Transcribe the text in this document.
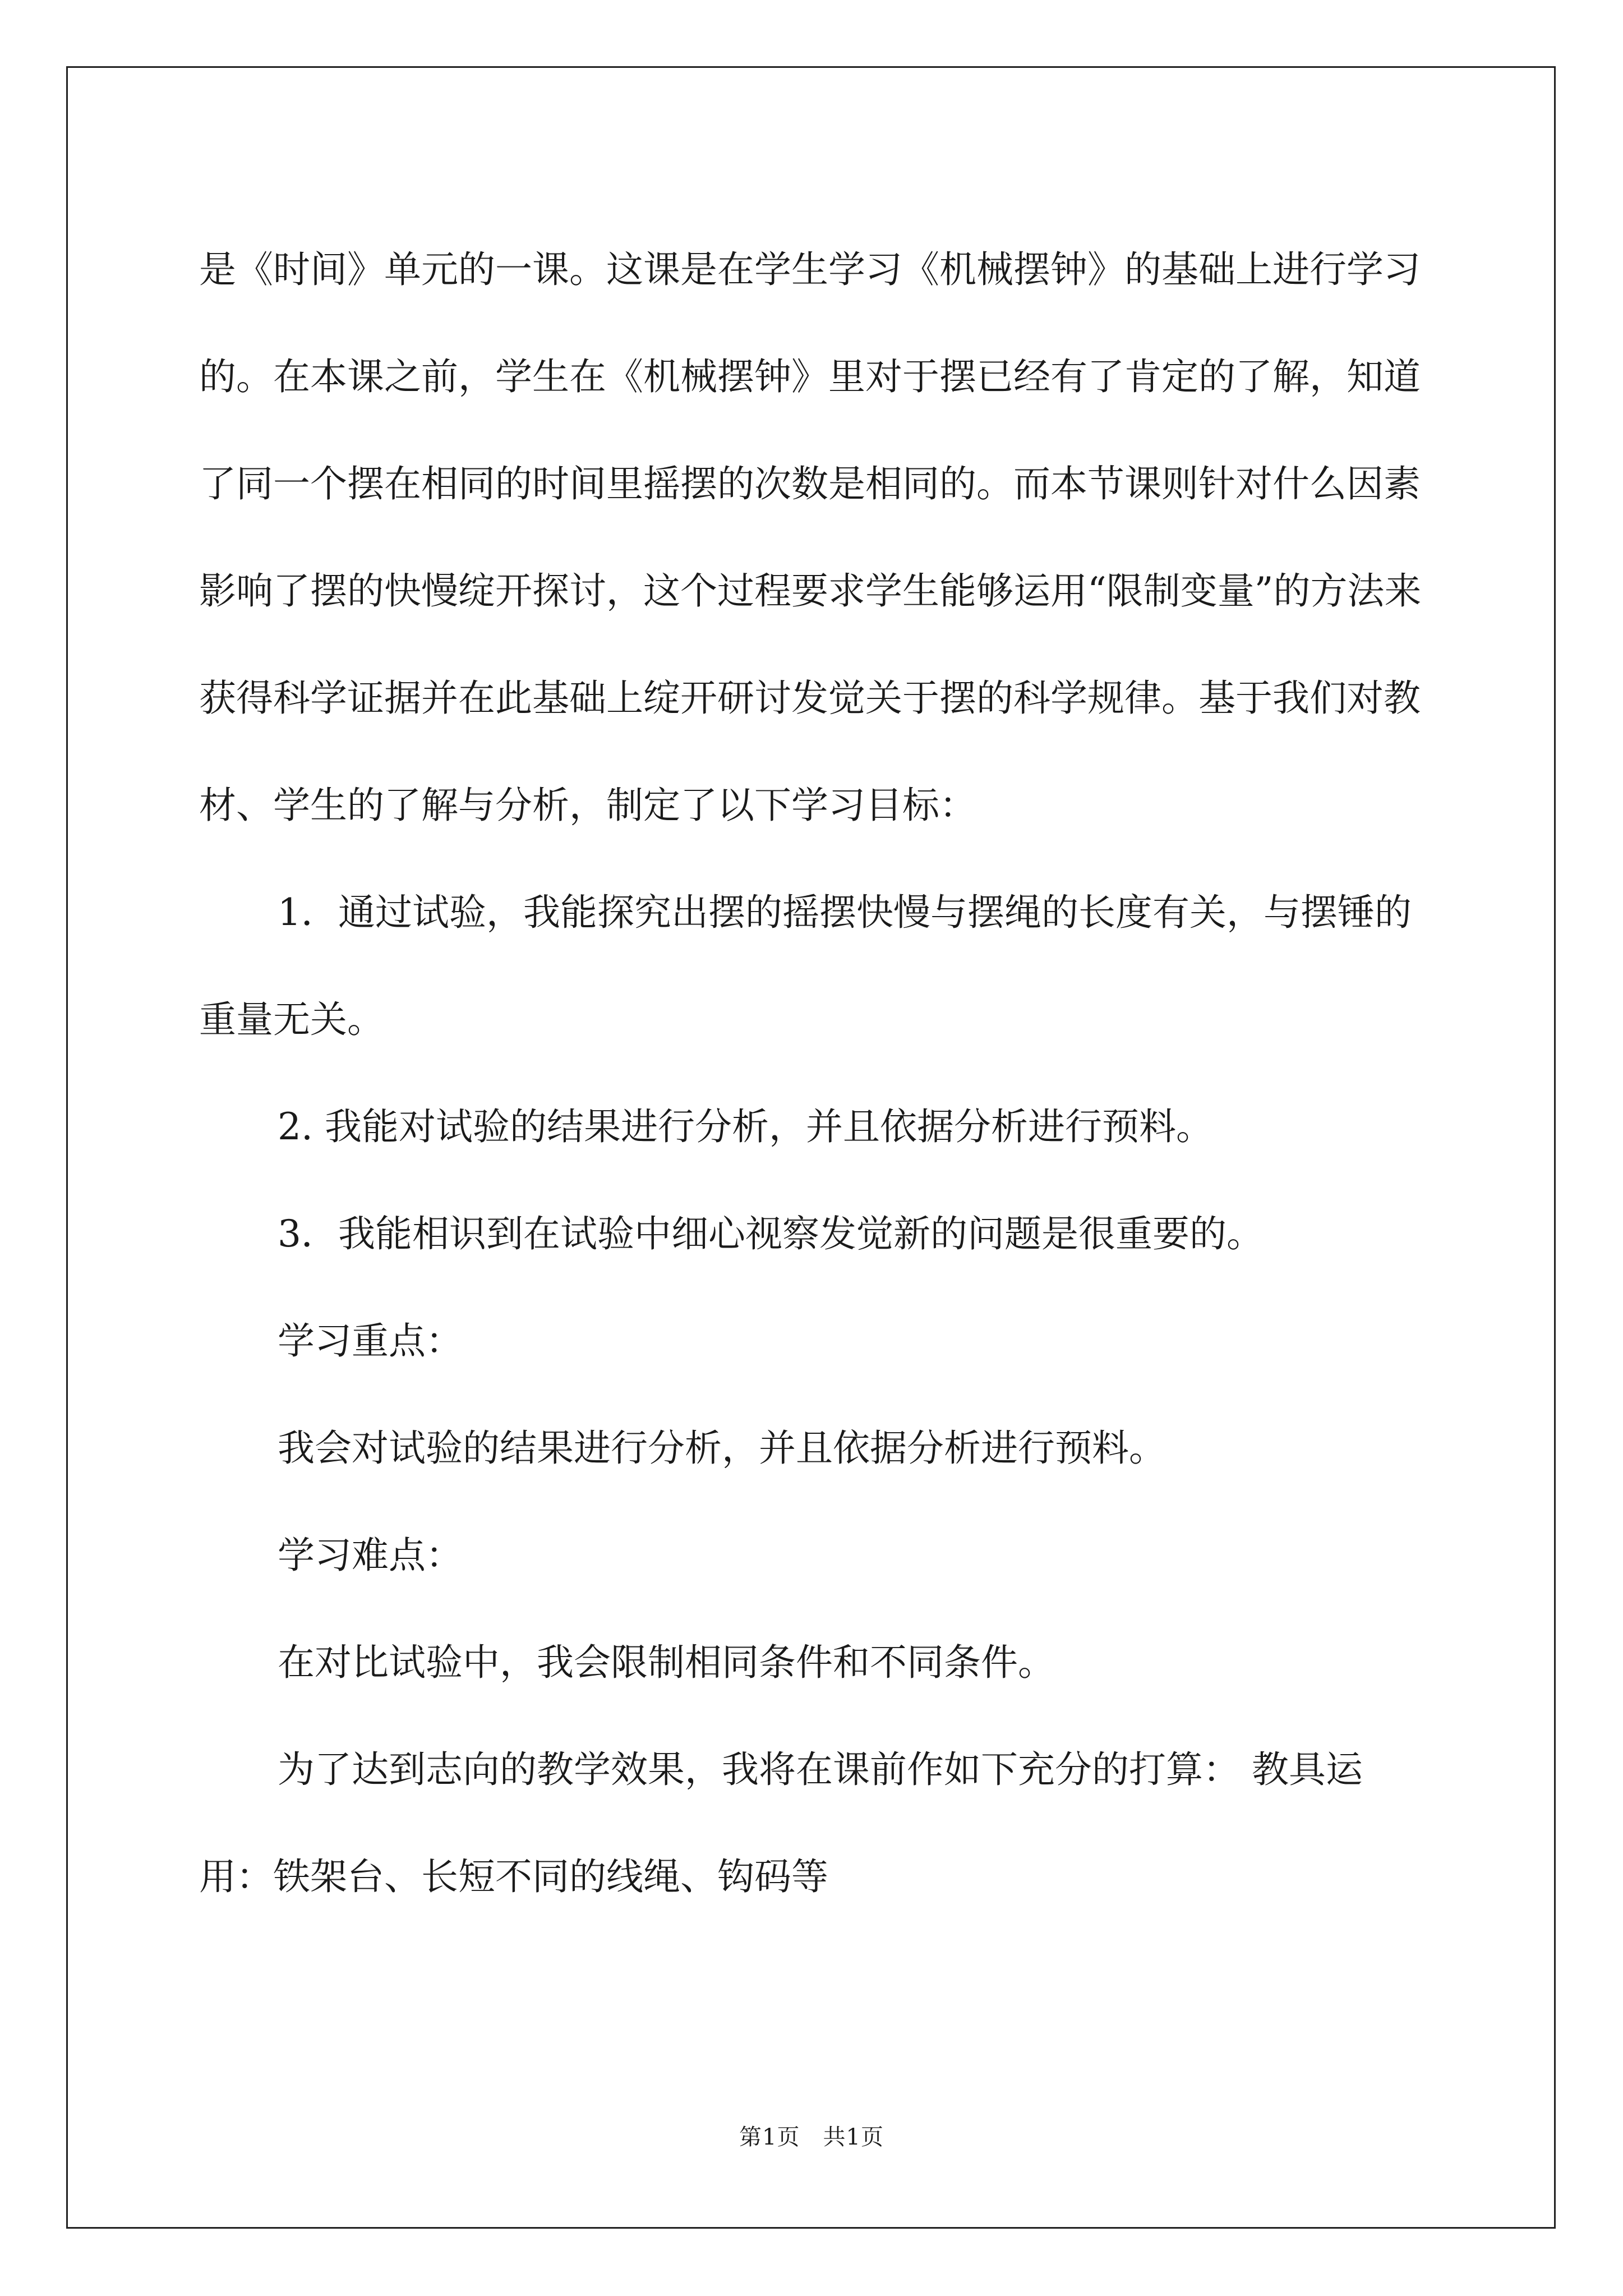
是《时间》单元的一课。这课是在学生学习《机械摆钟》的基础上进行学习的。在本课之前，学生在《机械摆钟》里对于摆已经有了肯定的了解，知道了同一个摆在相同的时间里摇摆的次数是相同的。而本节课则针对什么因素影响了摆的快慢绽开探讨，这个过程要求学生能够运用“限制变量”的方法来获得科学证据并在此基础上绽开研讨发觉关于摆的科学规律。基于我们对教材、学生的了解与分析，制定了以下学习目标：

1．通过试验，我能探究出摆的摇摆快慢与摆绳的长度有关，与摆锤的重量无关。

2. 我能对试验的结果进行分析，并且依据分析进行预料。

3．我能相识到在试验中细心视察发觉新的问题是很重要的。

学习重点：

我会对试验的结果进行分析，并且依据分析进行预料。

学习难点：

在对比试验中，我会限制相同条件和不同条件。

为了达到志向的教学效果，我将在课前作如下充分的打算： 教具运用：铁架台、长短不同的线绳、钩码等

第1页　共1页
